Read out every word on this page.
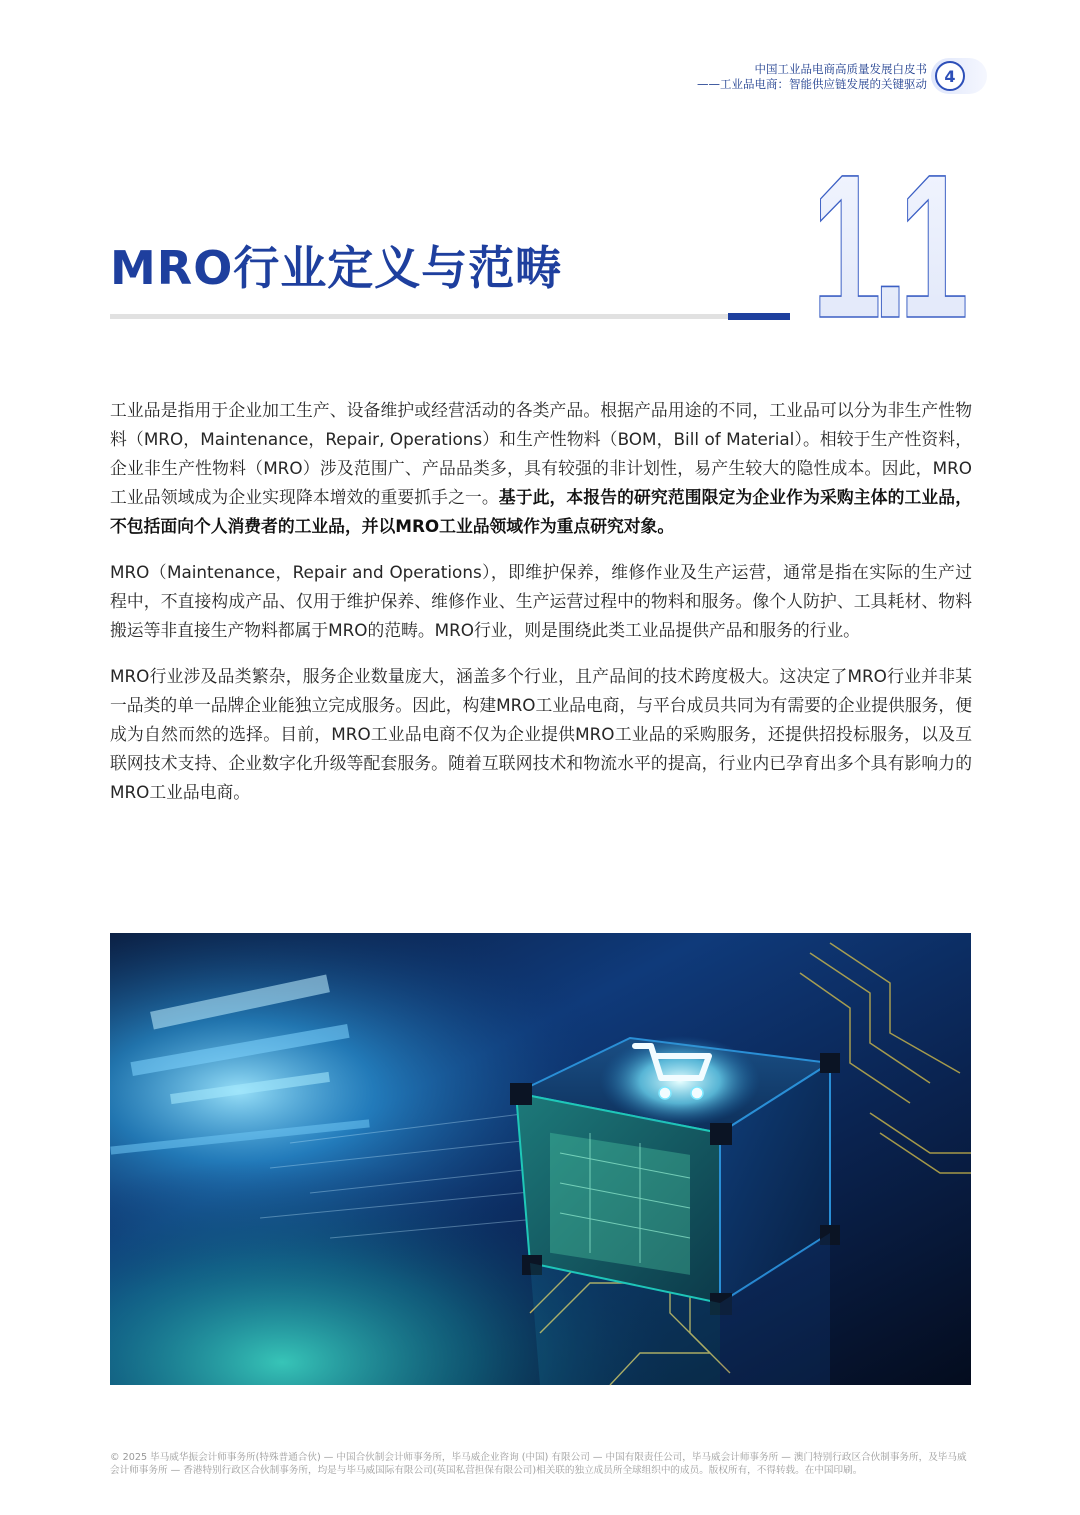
中国工业品电商高质量发展白皮书
——工业品电商：智能供应链发展的关键驱动	4
1.1
MRO行业定义与范畴

工业品是指用于企业加工生产、设备维护或经营活动的各类产品。根据产品用途的不同，工业品可以分为非生产性物料（MRO，Maintenance，Repair, Operations）和生产性物料（BOM，Bill of Material）。相较于生产性资料，企业非生产性物料（MRO）涉及范围广、产品品类多，具有较强的非计划性，易产生较大的隐性成本。因此，MRO工业品领域成为企业实现降本增效的重要抓手之一。基于此，本报告的研究范围限定为企业作为采购主体的工业品，不包括面向个人消费者的工业品，并以MRO工业品领域作为重点研究对象。

MRO（Maintenance，Repair and Operations），即维护保养，维修作业及生产运营，通常是指在实际的生产过程中，不直接构成产品、仅用于维护保养、维修作业、生产运营过程中的物料和服务。像个人防护、工具耗材、物料搬运等非直接生产物料都属于MRO的范畴。MRO行业，则是围绕此类工业品提供产品和服务的行业。

MRO行业涉及品类繁杂，服务企业数量庞大，涵盖多个行业，且产品间的技术跨度极大。这决定了MRO行业并非某一品类的单一品牌企业能独立完成服务。因此，构建MRO工业品电商，与平台成员共同为有需要的企业提供服务，便成为自然而然的选择。目前，MRO工业品电商不仅为企业提供MRO工业品的采购服务，还提供招投标服务，以及互联网技术支持、企业数字化升级等配套服务。随着互联网技术和物流水平的提高，行业内已孕育出多个具有影响力的MRO工业品电商。

© 2025 毕马威华振会计师事务所(特殊普通合伙) — 中国合伙制会计师事务所，毕马威企业咨询 (中国) 有限公司 — 中国有限责任公司，毕马威会计师事务所 — 澳门特别行政区合伙制事务所，及毕马威会计师事务所 — 香港特别行政区合伙制事务所，均是与毕马威国际有限公司(英国私营担保有限公司)相关联的独立成员所全球组织中的成员。版权所有，不得转载。在中国印刷。
